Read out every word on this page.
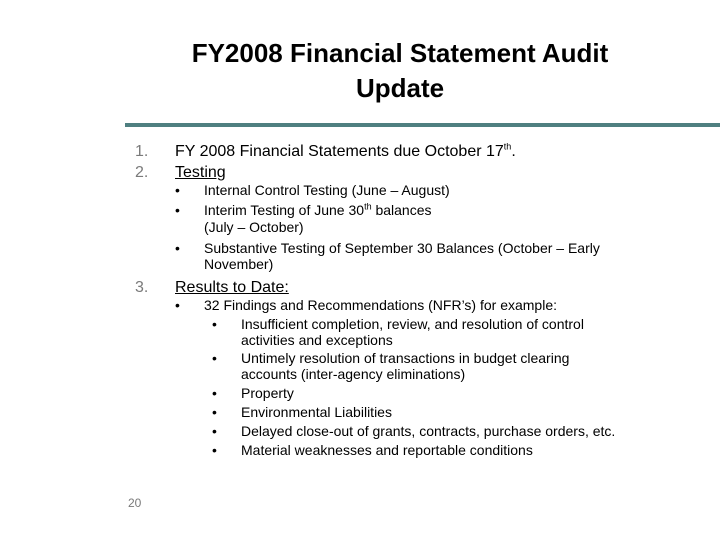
FY2008 Financial Statement Audit
Update
1. FY 2008 Financial Statements due October 17th.
2. Testing
• Internal Control Testing (June – August)
• Interim Testing of June 30th balances
(July – October)
• Substantive Testing of September 30 Balances (October – Early
November)
3. Results to Date:
• 32 Findings and Recommendations (NFR’s) for example:
• Insufficient completion, review, and resolution of control
activities and exceptions
• Untimely resolution of transactions in budget clearing
accounts (inter-agency eliminations)
• Property
• Environmental Liabilities
• Delayed close-out of grants, contracts, purchase orders, etc.
• Material weaknesses and reportable conditions
20
